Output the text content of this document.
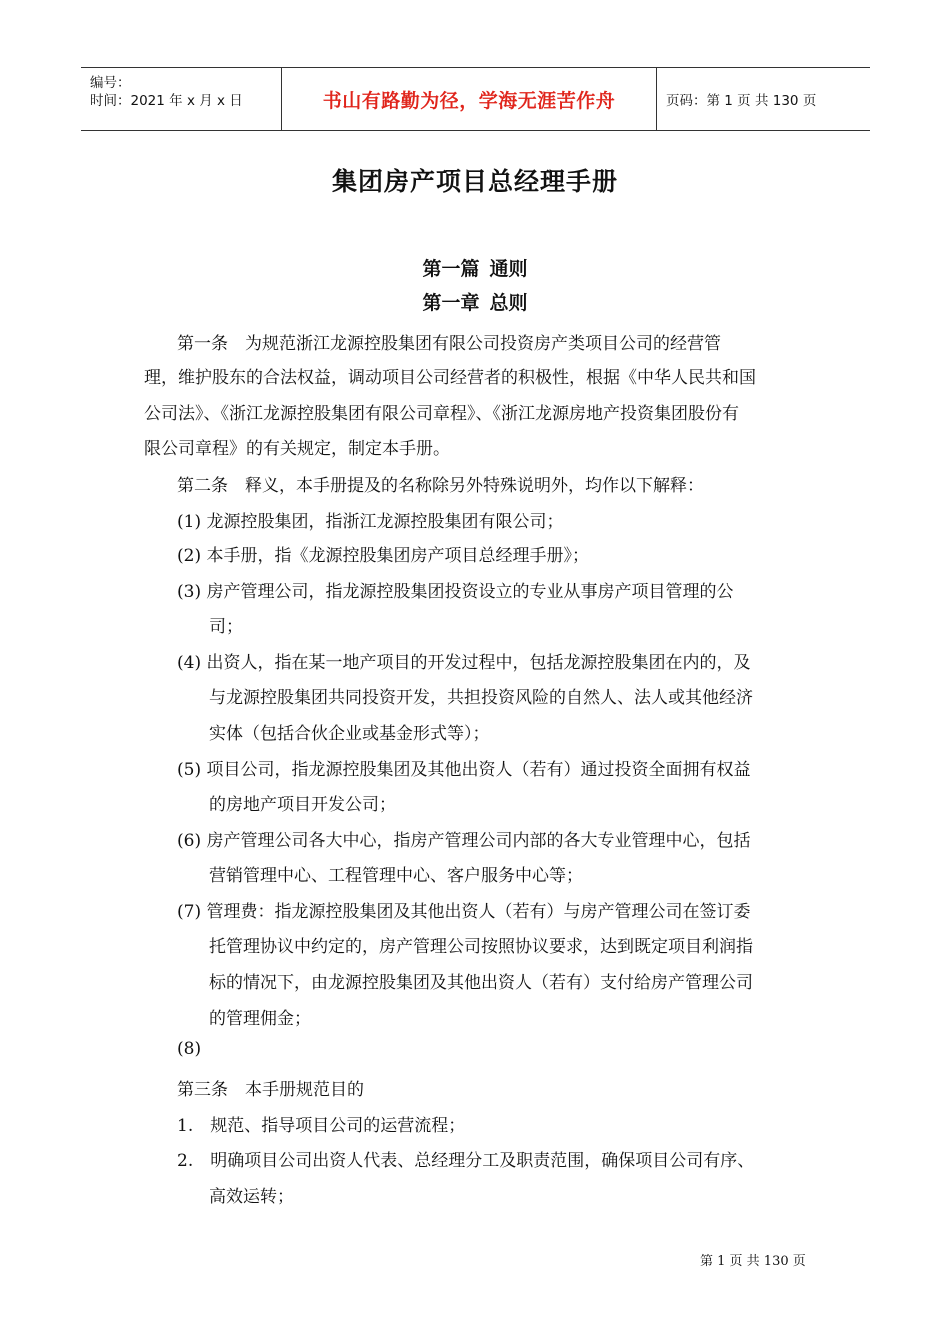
编号：
时间：2021 年 x 月 x 日	书山有路勤为径，学海无涯苦作舟	页码：第 1 页 共 130 页
集团房产项目总经理手册
第一篇 通则
第一章 总则
第一条　为规范浙江龙源控股集团有限公司投资房产类项目公司的经营管
理，维护股东的合法权益，调动项目公司经营者的积极性，根据《中华人民共和国
公司法》、《浙江龙源控股集团有限公司章程》、《浙江龙源房地产投资集团股份有
限公司章程》的有关规定，制定本手册。
第二条　释义，本手册提及的名称除另外特殊说明外，均作以下解释：
(1) 龙源控股集团，指浙江龙源控股集团有限公司；
(2) 本手册，指《龙源控股集团房产项目总经理手册》；
(3) 房产管理公司，指龙源控股集团投资设立的专业从事房产项目管理的公
司；
(4) 出资人，指在某一地产项目的开发过程中，包括龙源控股集团在内的，及
与龙源控股集团共同投资开发，共担投资风险的自然人、法人或其他经济
实体（包括合伙企业或基金形式等）；
(5) 项目公司，指龙源控股集团及其他出资人（若有）通过投资全面拥有权益
的房地产项目开发公司；
(6) 房产管理公司各大中心，指房产管理公司内部的各大专业管理中心，包括
营销管理中心、工程管理中心、客户服务中心等；
(7) 管理费：指龙源控股集团及其他出资人（若有）与房产管理公司在签订委
托管理协议中约定的，房产管理公司按照协议要求，达到既定项目利润指
标的情况下，由龙源控股集团及其他出资人（若有）支付给房产管理公司
的管理佣金；
(8)
第三条　本手册规范目的
1.　规范、指导项目公司的运营流程；
2.　明确项目公司出资人代表、总经理分工及职责范围，确保项目公司有序、
高效运转；
第 1 页 共 130 页
